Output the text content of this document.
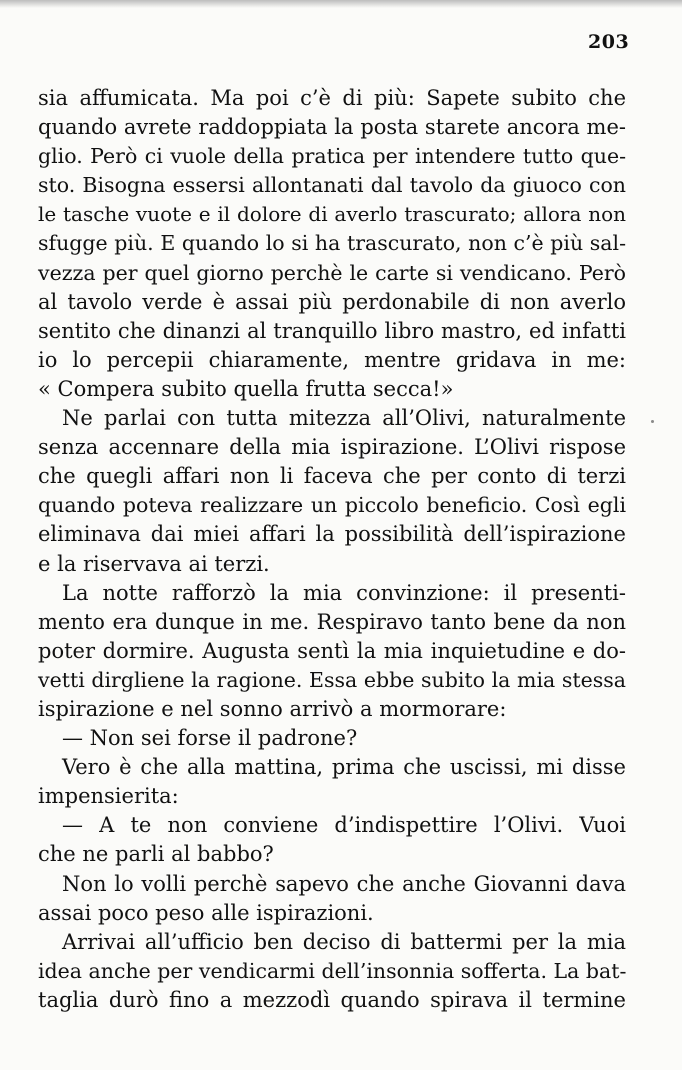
203
sia affumicata. Ma poi c’è di più: Sapete subito che
quando avrete raddoppiata la posta starete ancora me-
glio. Però ci vuole della pratica per intendere tutto que-
sto. Bisogna essersi allontanati dal tavolo da giuoco con
le tasche vuote e il dolore di averlo trascurato; allora non
sfugge più. E quando lo si ha trascurato, non c’è più sal-
vezza per quel giorno perchè le carte si vendicano. Però
al tavolo verde è assai più perdonabile di non averlo
sentito che dinanzi al tranquillo libro mastro, ed infatti
io lo percepii chiaramente, mentre gridava in me:
« Compera subito quella frutta secca!»
Ne parlai con tutta mitezza all’Olivi, naturalmente
senza accennare della mia ispirazione. L’Olivi rispose
che quegli affari non li faceva che per conto di terzi
quando poteva realizzare un piccolo beneficio. Così egli
eliminava dai miei affari la possibilità dell’ispirazione
e la riservava ai terzi.
La notte rafforzò la mia convinzione: il presenti-
mento era dunque in me. Respiravo tanto bene da non
poter dormire. Augusta sentì la mia inquietudine e do-
vetti dirgliene la ragione. Essa ebbe subito la mia stessa
ispirazione e nel sonno arrivò a mormorare:
— Non sei forse il padrone?
Vero è che alla mattina, prima che uscissi, mi disse
impensierita:
— A te non conviene d’indispettire l’Olivi. Vuoi
che ne parli al babbo?
Non lo volli perchè sapevo che anche Giovanni dava
assai poco peso alle ispirazioni.
Arrivai all’ufficio ben deciso di battermi per la mia
idea anche per vendicarmi dell’insonnia sofferta. La bat-
taglia durò fino a mezzodì quando spirava il termine
